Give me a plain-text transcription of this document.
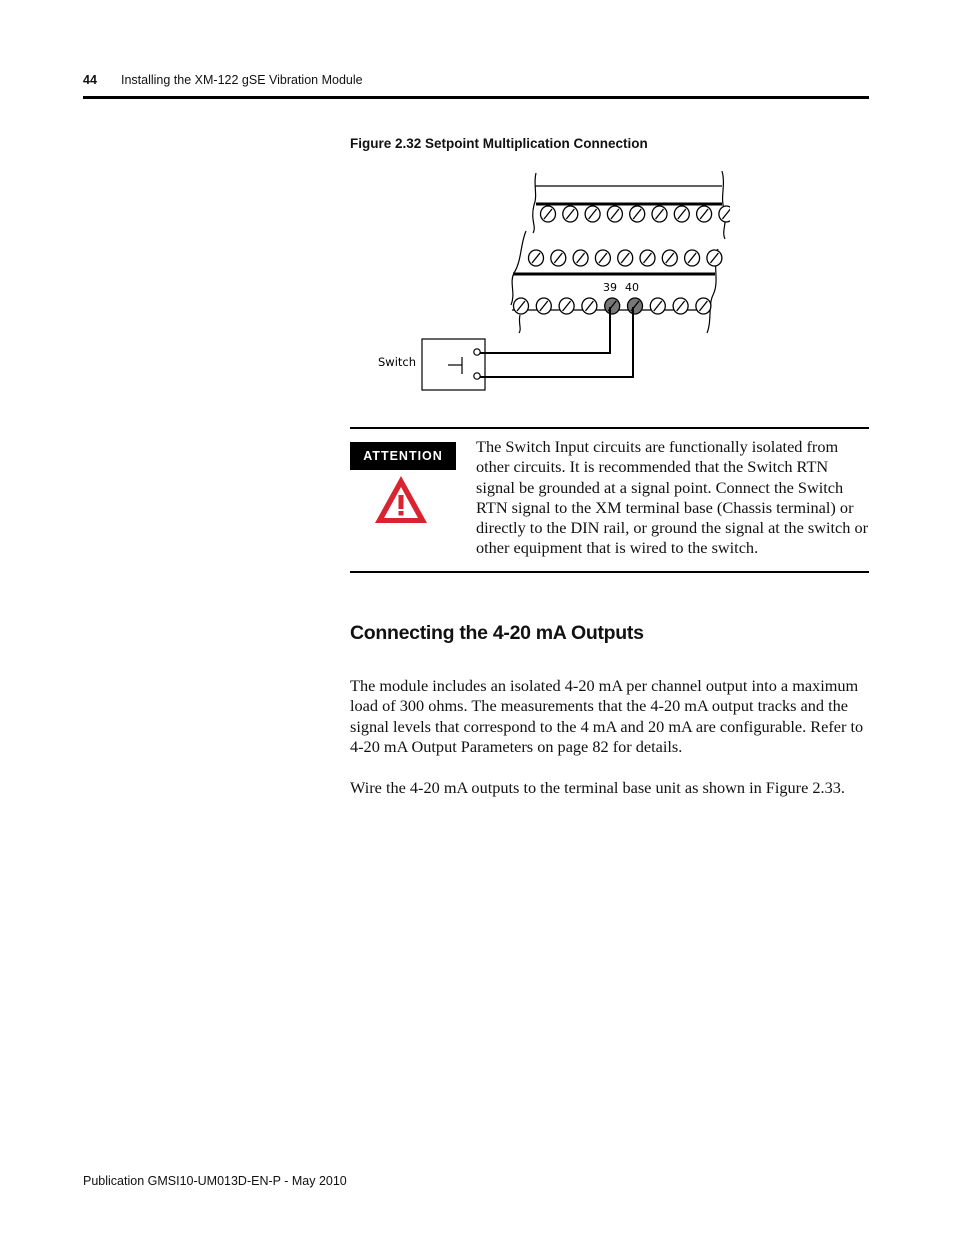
44 Installing the XM-122 gSE Vibration Module
Figure 2.32 Setpoint Multiplication Connection
39 40
Switch
ATTENTION	The Switch Input circuits are functionally isolated from other circuits. It is recommended that the Switch RTN signal be grounded at a signal point. Connect the Switch RTN signal to the XM terminal base (Chassis terminal) or directly to the DIN rail, or ground the signal at the switch or other equipment that is wired to the switch.
Connecting the 4-20 mA Outputs
The module includes an isolated 4-20 mA per channel output into a maximum load of 300 ohms. The measurements that the 4-20 mA output tracks and the signal levels that correspond to the 4 mA and 20 mA are configurable. Refer to 4-20 mA Output Parameters on page 82 for details.
Wire the 4-20 mA outputs to the terminal base unit as shown in Figure 2.33.
Publication GMSI10-UM013D-EN-P - May 2010
